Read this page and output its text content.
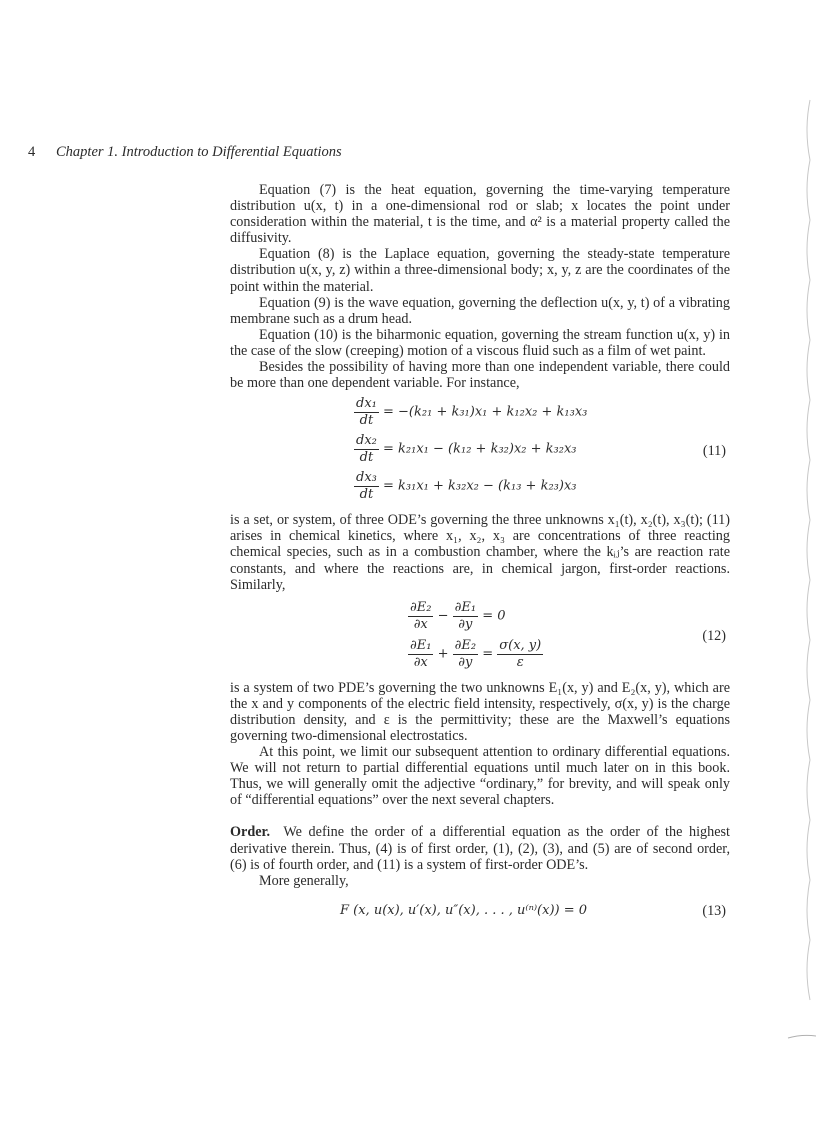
4 Chapter 1. Introduction to Differential Equations

Equation (7) is the heat equation, governing the time-varying temperature distribution u(x, t) in a one-dimensional rod or slab; x locates the point under consideration within the material, t is the time, and α² is a material property called the diffusivity.

Equation (8) is the Laplace equation, governing the steady-state temperature distribution u(x, y, z) within a three-dimensional body; x, y, z are the coordinates of the point within the material.

Equation (9) is the wave equation, governing the deflection u(x, y, t) of a vibrating membrane such as a drum head.

Equation (10) is the biharmonic equation, governing the stream function u(x, y) in the case of the slow (creeping) motion of a viscous fluid such as a film of wet paint.

Besides the possibility of having more than one independent variable, there could be more than one dependent variable. For instance,

$\frac{\text{dx₁}}{dt} = -(k_{21} + k_{31})x_1 + k_{12}x_2 + k_{13}x_3$
$\frac{\text{dx₂}}{dt} = k_{21}x_1 - (k_{12} + k_{32})x_2 + k_{32}x_3$
$\frac{\text{dx₃}}{dt} = k_{31}x_1 + k_{32}x_2 - (k_{13} + k_{23})x_3$
(11)

is a set, or system, of three ODE’s governing the three unknowns x₁(t), x₂(t), x₃(t); (11) arises in chemical kinetics, where x₁, x₂, x₃ are concentrations of three reacting chemical species, such as in a combustion chamber, where the kᵢⱼ’s are reaction rate constants, and where the reactions are, in chemical jargon, first-order reactions. Similarly,

$\frac{\text{∂E₂}}{\partial x} - \frac{\text{∂E₁}}{\partial y} = 0$
$\frac{\text{∂E₁}}{\partial x} + \frac{\text{∂E₂}}{\partial y} = \frac{\sigma(x, y)}{\varepsilon}$
(12)

is a system of two PDE’s governing the two unknowns E₁(x, y) and E₂(x, y), which are the x and y components of the electric field intensity, respectively, σ(x, y) is the charge distribution density, and ε is the permittivity; these are the Maxwell’s equations governing two-dimensional electrostatics.

At this point, we limit our subsequent attention to ordinary differential equations. We will not return to partial differential equations until much later on in this book. Thus, we will generally omit the adjective “ordinary,” for brevity, and will speak only of “differential equations” over the next several chapters.

Order. We define the order of a differential equation as the order of the highest derivative therein. Thus, (4) is of first order, (1), (2), (3), and (5) are of second order, (6) is of fourth order, and (11) is a system of first-order ODE’s.

More generally,

F (x, u(x), u′(x), u″(x), . . . , u⁽ⁿ⁾(x)) = 0	(13)
